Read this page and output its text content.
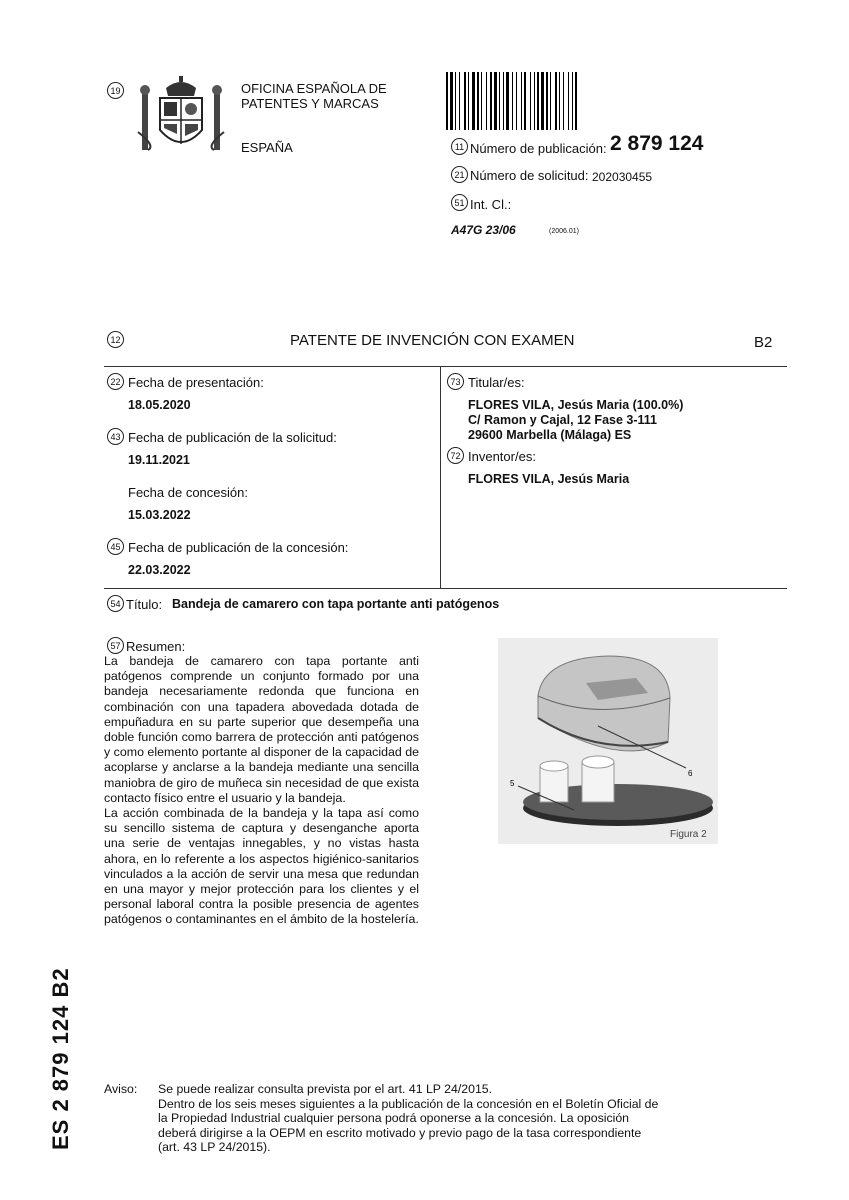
19	OFICINA ESPAÑOLA DE
PATENTES Y MARCAS
ESPAÑA	11 Número de publicación: 2 879 124
21 Número de solicitud: 202030455
51 Int. Cl.:
A47G 23/06	(2006.01)
12	PATENTE DE INVENCIÓN CON EXAMEN	B2
22 Fecha de presentación:
18.05.2020
43 Fecha de publicación de la solicitud:
19.11.2021
Fecha de concesión:
15.03.2022
45 Fecha de publicación de la concesión:
22.03.2022
73 Titular/es:
FLORES VILA, Jesús Maria (100.0%)
C/ Ramon y Cajal, 12 Fase 3-111
29600 Marbella (Málaga) ES
72 Inventor/es:
FLORES VILA, Jesús Maria
54 Título: Bandeja de camarero con tapa portante anti patógenos
57 Resumen:

La bandeja de camarero con tapa portante anti patógenos comprende un conjunto formado por una bandeja necesariamente redonda que funciona en combinación con una tapadera abovedada dotada de empuñadura en su parte superior que desempeña una doble función como barrera de protección anti patógenos y como elemento portante al disponer de la capacidad de acoplarse y anclarse a la bandeja mediante una sencilla maniobra de giro de muñeca sin necesidad de que exista contacto físico entre el usuario y la bandeja.

La acción combinada de la bandeja y la tapa así como su sencillo sistema de captura y desenganche aporta una serie de ventajas innegables, y no vistas hasta ahora, en lo referente a los aspectos higiénico-sanitarios vinculados a la acción de servir una mesa que redundan en una mayor y mejor protección para los clientes y el personal laboral contra la posible presencia de agentes patógenos o contaminantes en el ámbito de la hostelería.

6
5
Figura 2
ES 2 879 124 B2	Aviso:	Se puede realizar consulta prevista por el art. 41 LP 24/2015.
Dentro de los seis meses siguientes a la publicación de la concesión en el Boletín Oficial de
la Propiedad Industrial cualquier persona podrá oponerse a la concesión. La oposición
deberá dirigirse a la OEPM en escrito motivado y previo pago de la tasa correspondiente
(art. 43 LP 24/2015).
